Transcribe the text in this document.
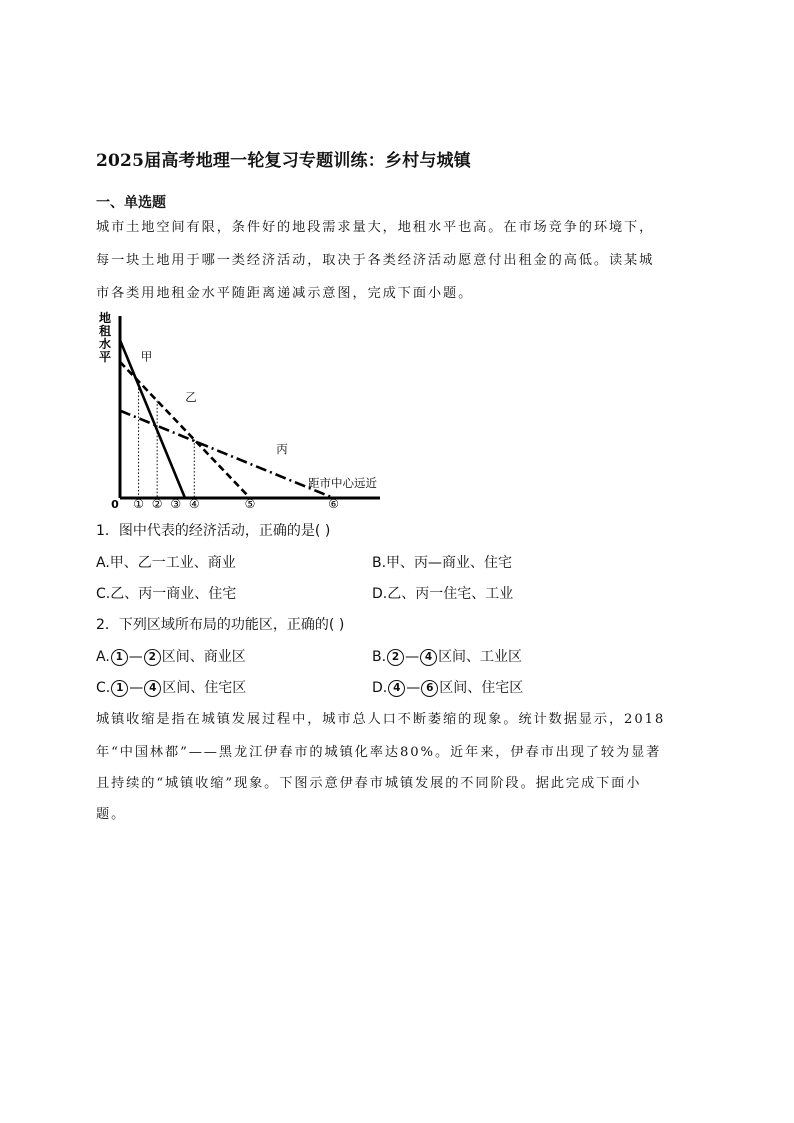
2025届高考地理一轮复习专题训练：乡村与城镇
一、单选题
城市土地空间有限，条件好的地段需求量大，地租水平也高。在市场竞争的环境下，
每一块土地用于哪一类经济活动，取决于各类经济活动愿意付出租金的高低。读某城
市各类用地租金水平随距离递减示意图，完成下面小题。
地
租
水
平	甲
乙
丙
距市中心远近
0 ① ② ③ ④	⑤	⑥
1．图中代表的经济活动，正确的是( )
A.甲、乙一工业、商业	B.甲、丙—商业、住宅
C.乙、丙一商业、住宅	D.乙、丙一住宅、工业
2．下列区域所布局的功能区，正确的( )
A. 1 — 2 区间、商业区	B. 2 — 4 区间、工业区
C. 1 — 4 区间、住宅区	D. 4 — 6 区间、住宅区
城镇收缩是指在城镇发展过程中，城市总人口不断萎缩的现象。统计数据显示，2018
年“中国林都”——黑龙江伊春市的城镇化率达80%。近年来，伊春市出现了较为显著
且持续的“城镇收缩”现象。下图示意伊春市城镇发展的不同阶段。据此完成下面小
题。
